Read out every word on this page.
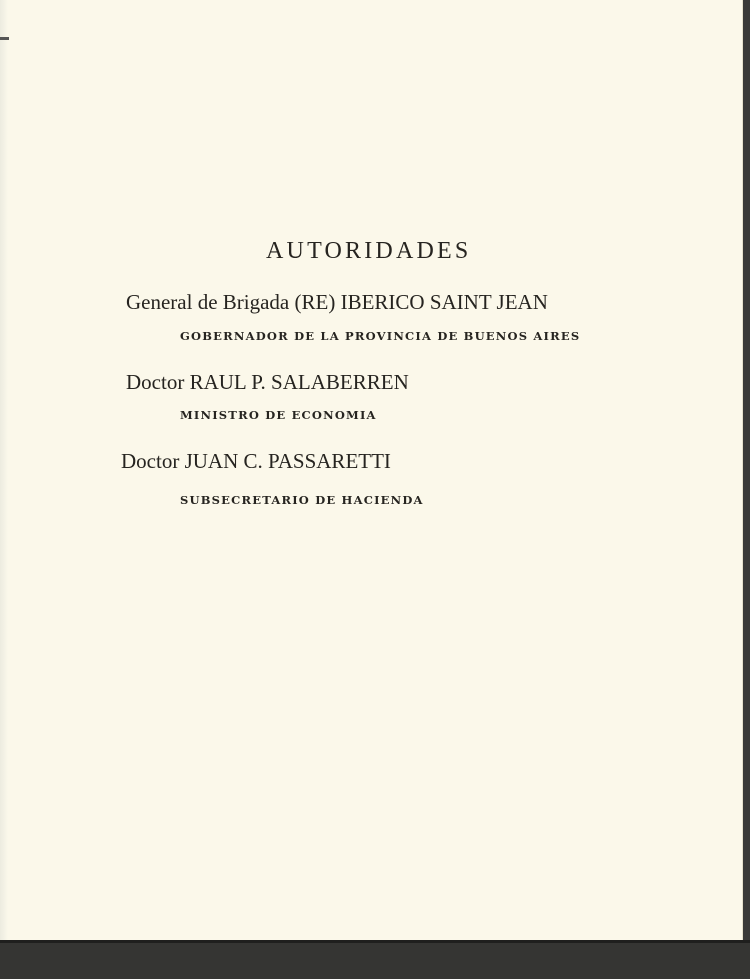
AUTORIDADES
General de Brigada (RE) IBERICO SAINT JEAN
GOBERNADOR DE LA PROVINCIA DE BUENOS AIRES
Doctor RAUL P. SALABERREN
MINISTRO DE ECONOMIA
Doctor JUAN C. PASSARETTI
SUBSECRETARIO DE HACIENDA
